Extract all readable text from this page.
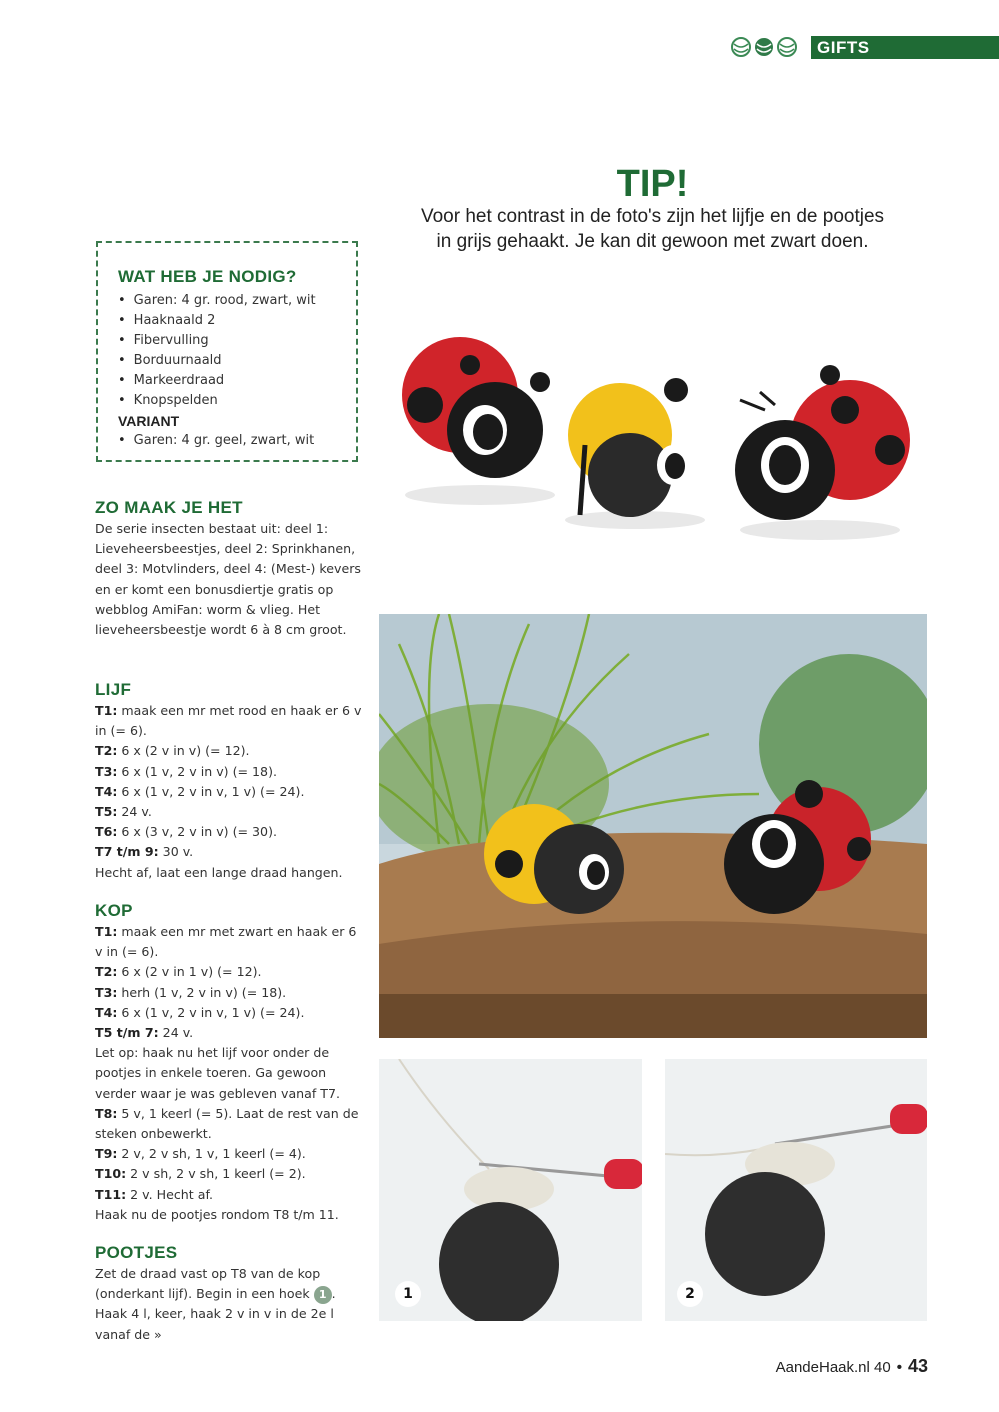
GIFTS
TIP!
Voor het contrast in de foto's zijn het lijfje en de pootjes
in grijs gehaakt. Je kan dit gewoon met zwart doen.
WAT HEB JE NODIG?
• Garen: 4 gr. rood, zwart, wit
• Haaknaald 2
• Fibervulling
• Borduurnaald
• Markeerdraad
• Knopspelden
VARIANT
• Garen: 4 gr. geel, zwart, wit
ZO MAAK JE HET

De serie insecten bestaat uit: deel 1: Lieveheersbeestjes, deel 2: Sprinkhanen, deel 3: Motvlinders, deel 4: (Mest-) kevers en er komt een bonusdiertje gratis op webblog AmiFan: worm & vlieg. Het lieveheersbeestje wordt 6 à 8 cm groot.

LIJF

T1: maak een mr met rood en haak er 6 v in (= 6).

T2: 6 x (2 v in v) (= 12).

T3: 6 x (1 v, 2 v in v) (= 18).

T4: 6 x (1 v, 2 v in v, 1 v) (= 24).

T5: 24 v.

T6: 6 x (3 v, 2 v in v) (= 30).

T7 t/m 9: 30 v.

Hecht af, laat een lange draad hangen.

KOP

T1: maak een mr met zwart en haak er 6 v in (= 6).

T2: 6 x (2 v in 1 v) (= 12).

T3: herh (1 v, 2 v in v) (= 18).

T4: 6 x (1 v, 2 v in v, 1 v) (= 24).

T5 t/m 7: 24 v.

Let op: haak nu het lijf voor onder de pootjes in enkele toeren. Ga gewoon verder waar je was gebleven vanaf T7.

T8: 5 v, 1 keerl (= 5). Laat de rest van de steken onbewerkt.

T9: 2 v, 2 v sh, 1 v, 1 keerl (= 4).

T10: 2 v sh, 2 v sh, 1 keerl (= 2).

T11: 2 v. Hecht af.

Haak nu de pootjes rondom T8 t/m 11.

POOTJES

Zet de draad vast op T8 van de kop (onderkant lijf). Begin in een hoek 1 . Haak 4 l, keer, haak 2 v in v in de 2e l vanaf de »

1	2
AandeHaak.nl 40 • 43
